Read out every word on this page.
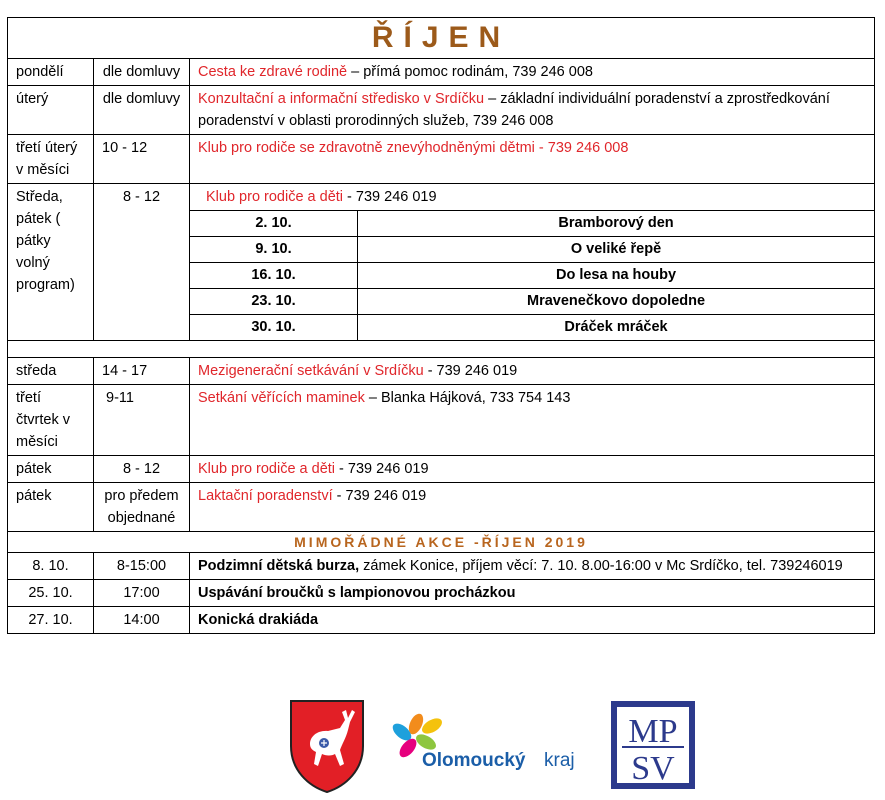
ŘÍJEN			
pondělí	dle domluvy	Cesta ke zdravé rodině – přímá pomoc rodinám, 739 246 008	
úterý	dle domluvy	Konzultační a informační středisko v Srdíčku – základní individuální poradenství a zprostředkování poradenství v oblasti prorodinných služeb, 739 246 008	
třetí úterý v měsíci	10 - 12	Klub pro rodiče se zdravotně znevýhodněnými dětmi - 739 246 008	
Středa, pátek ( pátky volný program)	8 - 12	Klub pro rodiče a děti - 739 246 019	
		2. 10.	Bramborový den
		9. 10.	O veliké řepě
		16. 10.	Do lesa na houby
		23. 10.	Mravenečkovo dopoledne
		30. 10.	Dráček mráček

středa	14 - 17	Mezigenerační setkávání v Srdíčku - 739 246 019	
třetí čtvrtek v měsíci	9-11	Setkání věřících maminek – Blanka Hájková, 733 754 143	
pátek	8 - 12	Klub pro rodiče a děti - 739 246 019	
pátek	pro předem objednané	Laktační poradenství - 739 246 019	
MIMOŘÁDNÉ AKCE -ŘÍJEN 2019			
8. 10.	8-15:00	Podzimní dětská burza, zámek Konice, příjem věcí: 7. 10. 8.00-16:00 v Mc Srdíčko, tel. 739246019	
25. 10.	17:00	Uspávání broučků s lampionovou procházkou	
27. 10.	14:00	Konická drakiáda	
Olomoucký kraj
MP
SV
